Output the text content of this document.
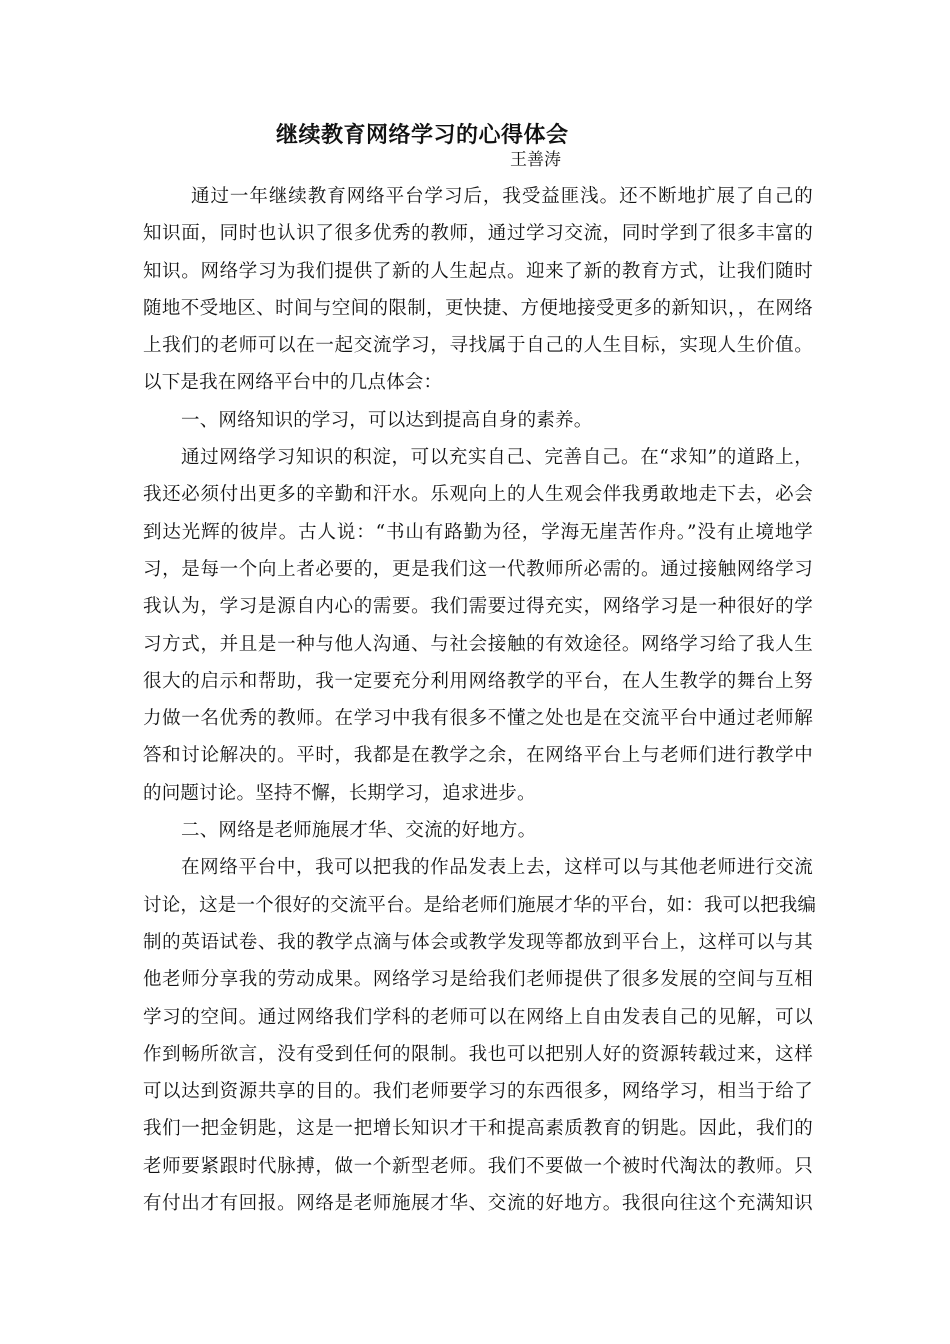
继续教育网络学习的心得体会
王善涛
通过一年继续教育网络平台学习后，我受益匪浅。还不断地扩展了自己的
知识面，同时也认识了很多优秀的教师，通过学习交流，同时学到了很多丰富的
知识。网络学习为我们提供了新的人生起点。迎来了新的教育方式，让我们随时
随地不受地区、时间与空间的限制，更快捷、方便地接受更多的新知识，，在网络
上我们的老师可以在一起交流学习，寻找属于自己的人生目标，实现人生价值。
以下是我在网络平台中的几点体会：
一、网络知识的学习，可以达到提高自身的素养。
通过网络学习知识的积淀，可以充实自己、完善自己。在“求知”的道路上，
我还必须付出更多的辛勤和汗水。乐观向上的人生观会伴我勇敢地走下去，必会
到达光辉的彼岸。古人说：“书山有路勤为径，学海无崖苦作舟。”没有止境地学
习，是每一个向上者必要的，更是我们这一代教师所必需的。通过接触网络学习
我认为，学习是源自内心的需要。我们需要过得充实，网络学习是一种很好的学
习方式，并且是一种与他人沟通、与社会接触的有效途径。网络学习给了我人生
很大的启示和帮助，我一定要充分利用网络教学的平台，在人生教学的舞台上努
力做一名优秀的教师。在学习中我有很多不懂之处也是在交流平台中通过老师解
答和讨论解决的。平时，我都是在教学之余，在网络平台上与老师们进行教学中
的问题讨论。坚持不懈，长期学习，追求进步。
二、网络是老师施展才华、交流的好地方。
在网络平台中，我可以把我的作品发表上去，这样可以与其他老师进行交流
讨论，这是一个很好的交流平台。是给老师们施展才华的平台，如：我可以把我编
制的英语试卷、我的教学点滴与体会或教学发现等都放到平台上，这样可以与其
他老师分享我的劳动成果。网络学习是给我们老师提供了很多发展的空间与互相
学习的空间。通过网络我们学科的老师可以在网络上自由发表自己的见解，可以
作到畅所欲言，没有受到任何的限制。我也可以把别人好的资源转载过来，这样
可以达到资源共享的目的。我们老师要学习的东西很多，网络学习，相当于给了
我们一把金钥匙，这是一把增长知识才干和提高素质教育的钥匙。因此，我们的
老师要紧跟时代脉搏，做一个新型老师。我们不要做一个被时代淘汰的教师。只
有付出才有回报。网络是老师施展才华、交流的好地方。我很向往这个充满知识
